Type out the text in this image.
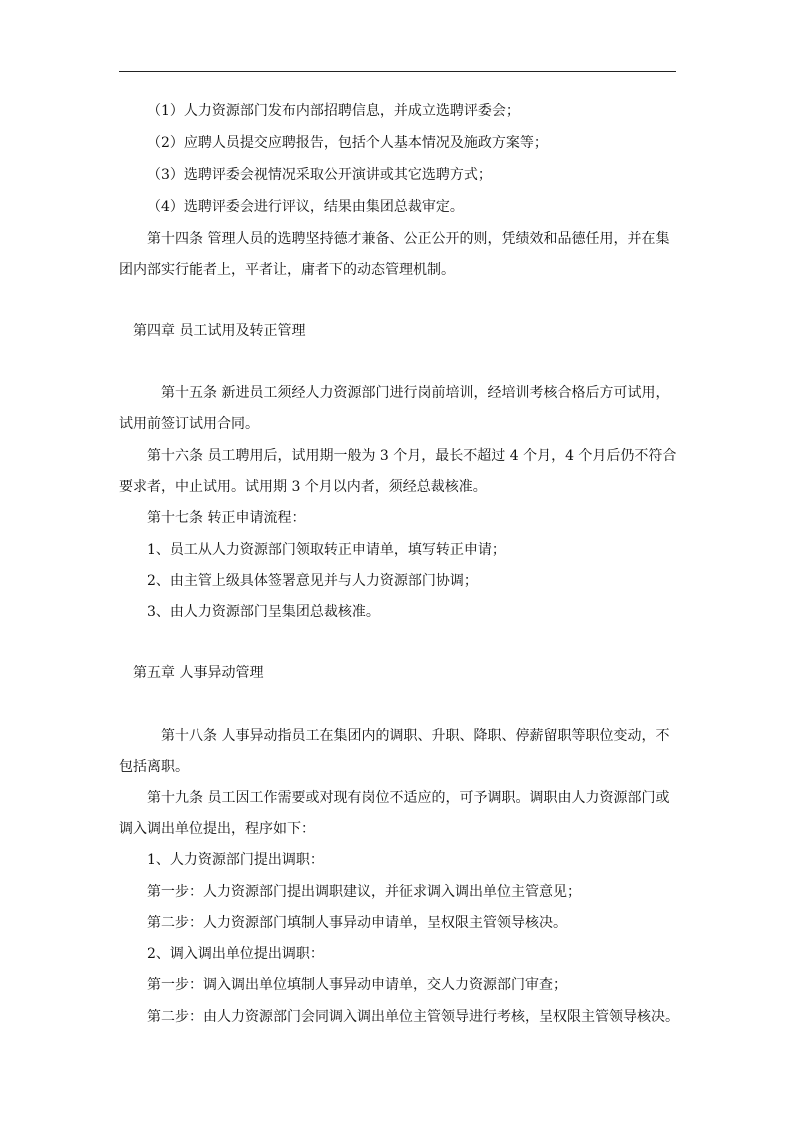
（1）人力资源部门发布内部招聘信息，并成立选聘评委会；
（2）应聘人员提交应聘报告，包括个人基本情况及施政方案等；
（3）选聘评委会视情况采取公开演讲或其它选聘方式；
（4）选聘评委会进行评议，结果由集团总裁审定。
第十四条 管理人员的选聘坚持德才兼备、公正公开的则，凭绩效和品德任用，并在集
团内部实行能者上，平者让，庸者下的动态管理机制。
第四章 员工试用及转正管理
第十五条 新进员工须经人力资源部门进行岗前培训，经培训考核合格后方可试用，
试用前签订试用合同。
第十六条 员工聘用后，试用期一般为 3 个月，最长不超过 4 个月，4 个月后仍不符合
要求者，中止试用。试用期 3 个月以内者，须经总裁核准。
第十七条 转正申请流程：
1、员工从人力资源部门领取转正申请单，填写转正申请；
2、由主管上级具体签署意见并与人力资源部门协调；
3、由人力资源部门呈集团总裁核准。
第五章 人事异动管理
第十八条 人事异动指员工在集团内的调职、升职、降职、停薪留职等职位变动，不
包括离职。
第十九条 员工因工作需要或对现有岗位不适应的，可予调职。调职由人力资源部门或
调入调出单位提出，程序如下：
1、人力资源部门提出调职：
第一步：人力资源部门提出调职建议，并征求调入调出单位主管意见；
第二步：人力资源部门填制人事异动申请单，呈权限主管领导核决。
2、调入调出单位提出调职：
第一步：调入调出单位填制人事异动申请单，交人力资源部门审查；
第二步：由人力资源部门会同调入调出单位主管领导进行考核，呈权限主管领导核决。
